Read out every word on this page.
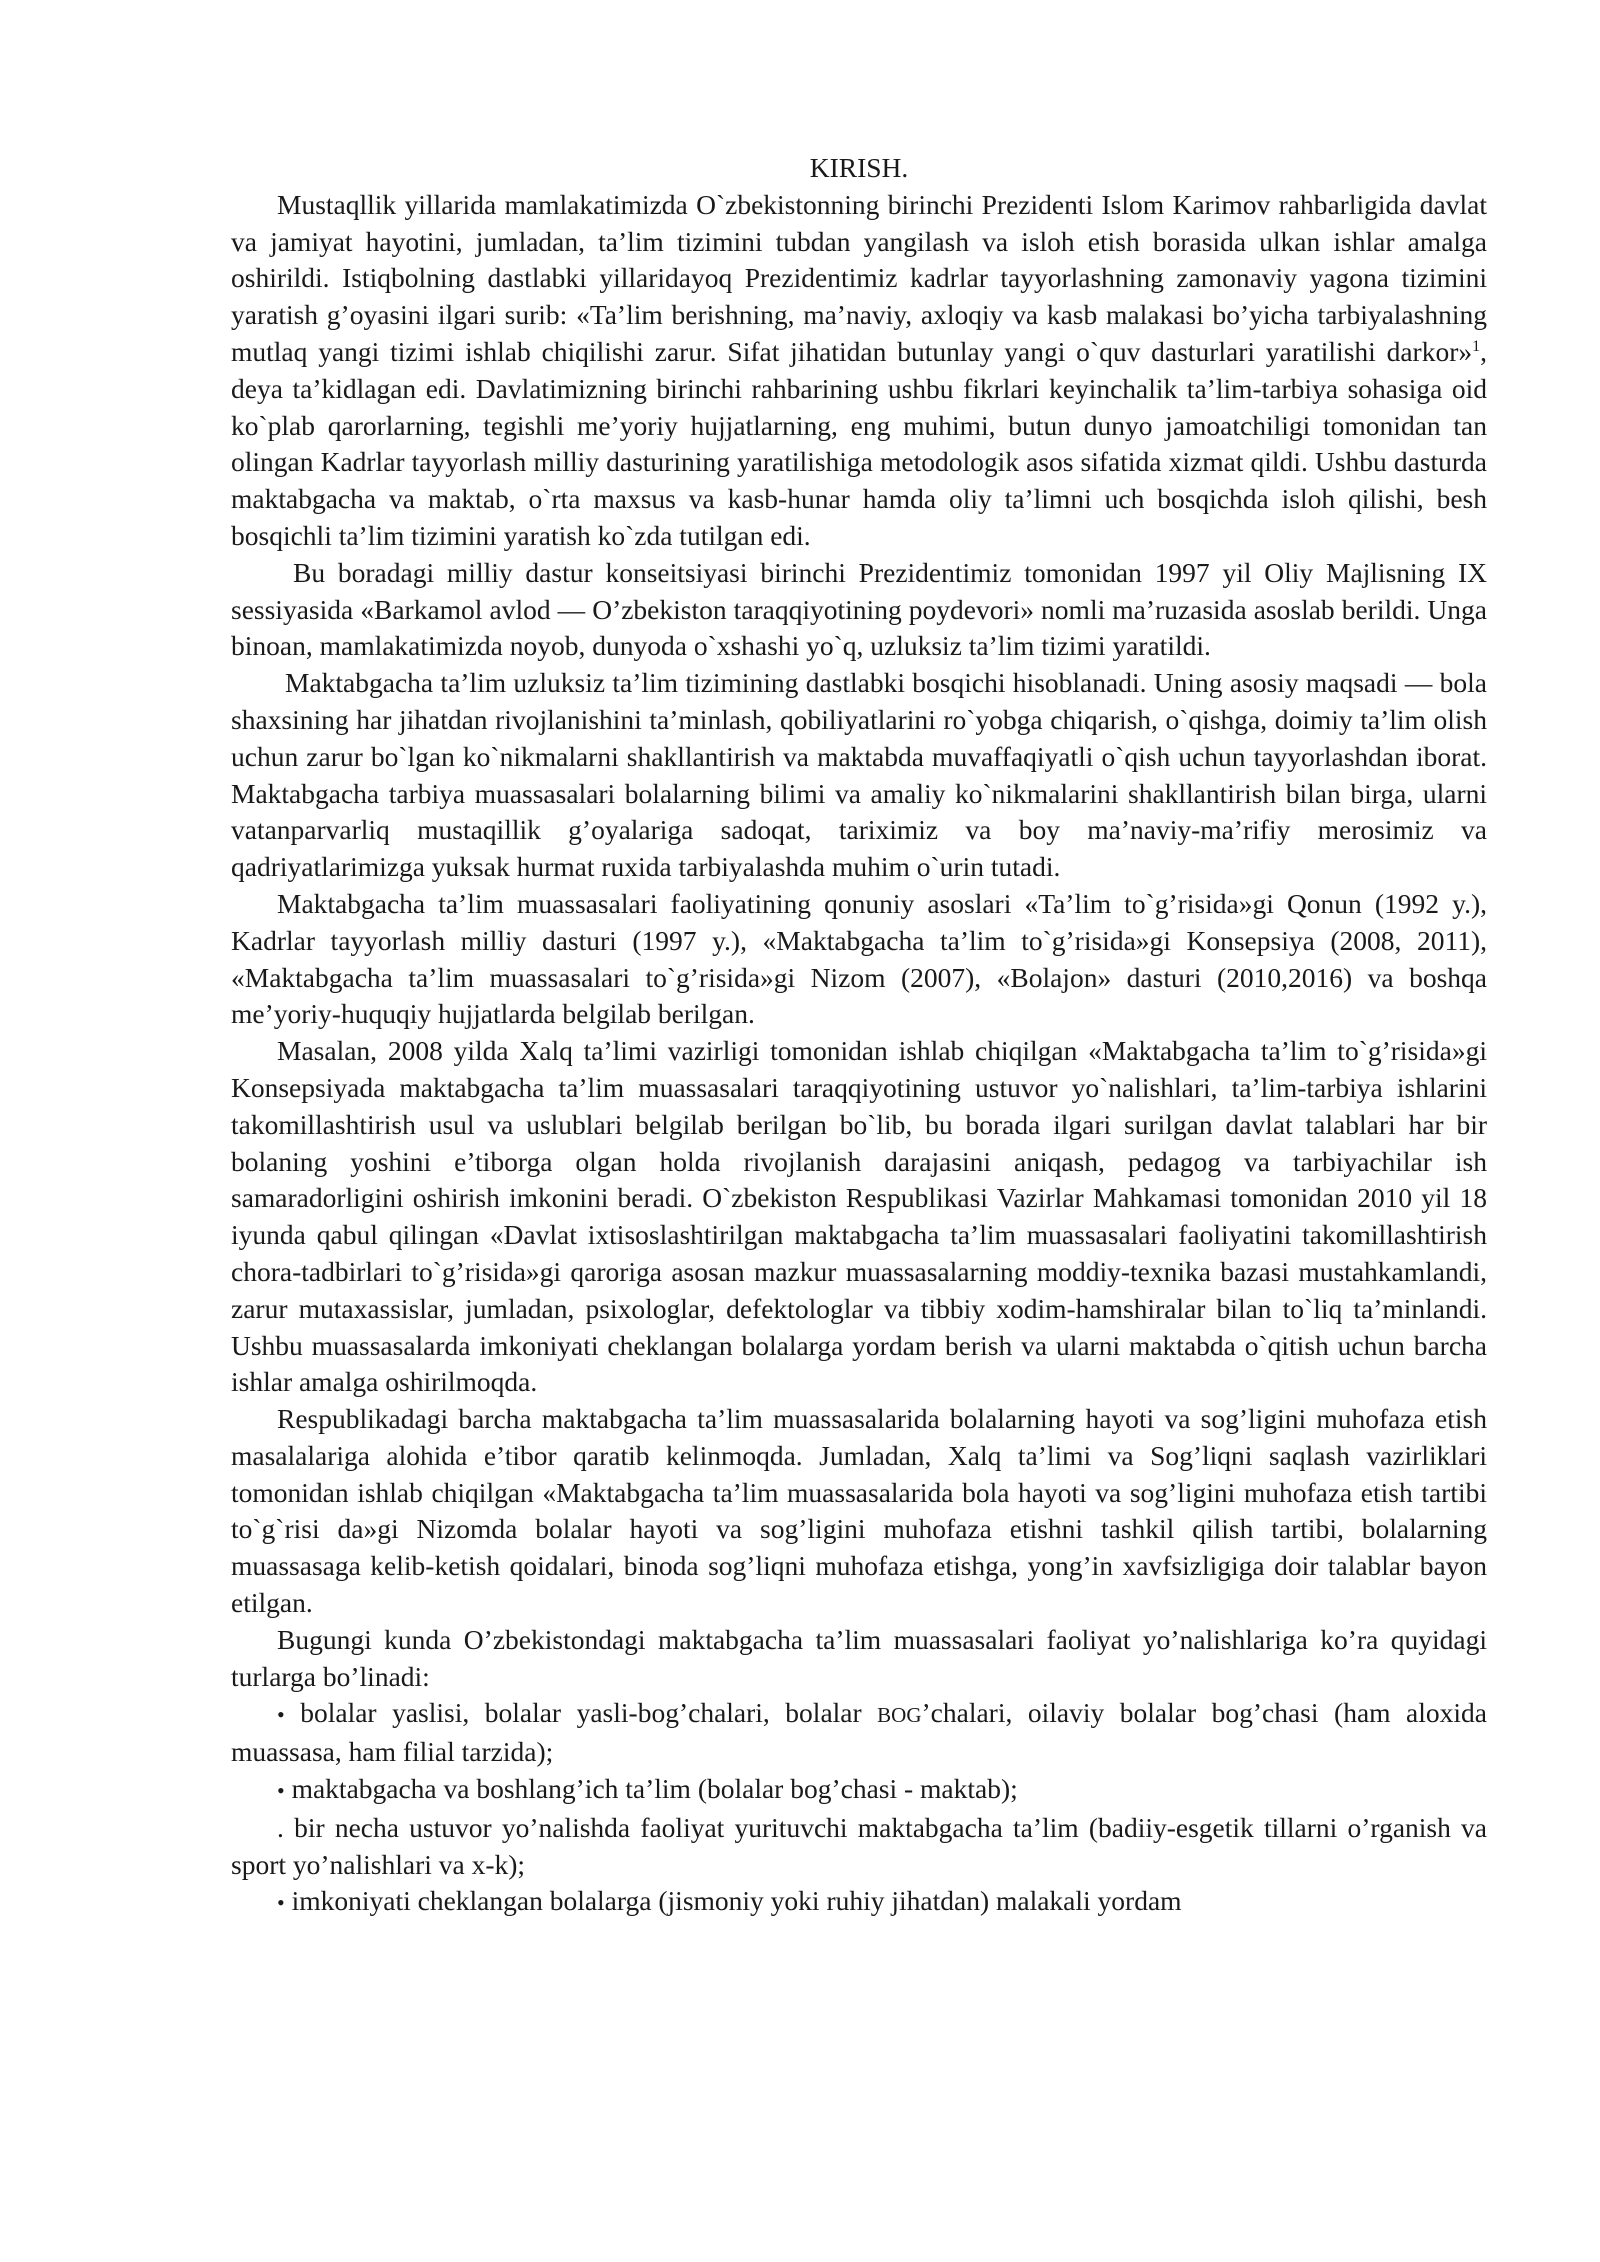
KIRISH.

Mustaqllik yillarida mamlakatimizda O`zbekistonning birinchi Prezidenti Islom Karimov rahbarligida davlat va jamiyat hayotini, jumladan, ta’lim tizimini tubdan yangilash va isloh etish borasida ulkan ishlar amalga oshirildi. Istiqbolning dastlabki yillaridayoq Prezidentimiz kadrlar tayyorlashning zamonaviy yagona tizimini yaratish g’oyasini ilgari surib: «Ta’lim berishning, ma’naviy, axloqiy va kasb malakasi bo’yicha tarbiyalashning mutlaq yangi tizimi ishlab chiqilishi zarur. Sifat jihatidan butunlay yangi o`quv dasturlari yaratilishi darkor»$^1$, deya ta’kidlagan edi. Davlatimizning birinchi rahbarining ushbu fikrlari keyinchalik ta’lim-tarbiya sohasiga oid ko`plab qarorlarning, tegishli me’yoriy hujjatlarning, eng muhimi, butun dunyo jamoatchiligi tomonidan tan olingan Kadrlar tayyorlash milliy dasturining yaratilishiga metodologik asos sifatida xizmat qildi. Ushbu dasturda maktabgacha va maktab, o`rta maxsus va kasb-hunar hamda oliy ta’limni uch bosqichda isloh qilishi, besh bosqichli ta’lim tizimini yaratish ko`zda tutilgan edi.

Bu boradagi milliy dastur konseitsiyasi birinchi Prezidentimiz tomonidan 1997 yil Oliy Majlisning IX sessiyasida «Barkamol avlod — O’zbekiston taraqqiyotining poydevori» nomli ma’ruzasida asoslab berildi. Unga binoan, mamlakatimizda noyob, dunyoda o`xshashi yo`q, uzluksiz ta’lim tizimi yaratildi.

Maktabgacha ta’lim uzluksiz ta’lim tizimining dastlabki bosqichi hisoblanadi. Uning asosiy maqsadi — bola shaxsining har jihatdan rivojlanishini ta’minlash, qobiliyatlarini ro`yobga chiqarish, o`qishga, doimiy ta’lim olish uchun zarur bo`lgan ko`nikmalarni shakllantirish va maktabda muvaffaqiyatli o`qish uchun tayyorlashdan iborat. Maktabgacha tarbiya muassasalari bolalarning bilimi va amaliy ko`nikmalarini shakllantirish bilan birga, ularni vatanparvarliq mustaqillik g’oyalariga sadoqat, tariximiz va boy ma’naviy-ma’rifiy merosimiz va qadriyatlarimizga yuksak hurmat ruxida tarbiyalashda muhim o`urin tutadi.

Maktabgacha ta’lim muassasalari faoliyatining qonuniy asoslari «Ta’lim to`g’risida»gi Qonun (1992 y.), Kadrlar tayyorlash milliy dasturi (1997 y.), «Maktabgacha ta’lim to`g’risida»gi Konsepsiya (2008, 2011), «Maktabgacha ta’lim muassasalari to`g’risida»gi Nizom (2007), «Bolajon» dasturi (2010,2016) va boshqa me’yoriy-huquqiy hujjatlarda belgilab berilgan.

Masalan, 2008 yilda Xalq ta’limi vazirligi tomonidan ishlab chiqilgan «Maktabgacha ta’lim to`g’risida»gi Konsepsiyada maktabgacha ta’lim muassasalari taraqqiyotining ustuvor yo`nalishlari, ta’lim-tarbiya ishlarini takomillashtirish usul va uslublari belgilab berilgan bo`lib, bu borada ilgari surilgan davlat talablari har bir bolaning yoshini e’tiborga olgan holda rivojlanish darajasini aniqash, pedagog va tarbiyachilar ish samaradorligini oshirish imkonini beradi. O`zbekiston Respublikasi Vazirlar Mahkamasi tomonidan 2010 yil 18 iyunda qabul qilingan «Davlat ixtisoslashtirilgan maktabgacha ta’lim muassasalari faoliyatini takomillashtirish chora-tadbirlari to`g’risida»gi qaroriga asosan mazkur muassasalarning moddiy-texnika bazasi mustahkamlandi, zarur mutaxassislar, jumladan, psixologlar, defektologlar va tibbiy xodim-hamshiralar bilan to`liq ta’minlandi. Ushbu muassasalarda imkoniyati cheklangan bolalarga yordam berish va ularni maktabda o`qitish uchun barcha ishlar amalga oshirilmoqda.

Respublikadagi barcha maktabgacha ta’lim muassasalarida bolalarning hayoti va sog’ligini muhofaza etish masalalariga alohida e’tibor qaratib kelinmoqda. Jumladan, Xalq ta’limi va Sog’liqni saqlash vazirliklari tomonidan ishlab chiqilgan «Maktabgacha ta’lim muassasalarida bola hayoti va sog’ligini muhofaza etish tartibi to`g`risi da»gi Nizomda bolalar hayoti va sog’ligini muhofaza etishni tashkil qilish tartibi, bolalarning muassasaga kelib-ketish qoidalari, binoda sog’liqni muhofaza etishga, yong’in xavfsizligiga doir talablar bayon etilgan.

Bugungi kunda O’zbekistondagi maktabgacha ta’lim muassasalari faoliyat yo’nalishlariga ko’ra quyidagi turlarga bo’linadi:

• bolalar yaslisi, bolalar yasli-bog’chalari, bolalar BOG’chalari, oilaviy bolalar bog’chasi (ham aloxida muassasa, ham filial tarzida);

• maktabgacha va boshlang’ich ta’lim (bolalar bog’chasi - maktab);

. bir necha ustuvor yo’nalishda faoliyat yurituvchi maktabgacha ta’lim (badiiy-esgetik tillarni o’rganish va sport yo’nalishlari va x-k);

• imkoniyati cheklangan bolalarga (jismoniy yoki ruhiy jihatdan) malakali yordam
